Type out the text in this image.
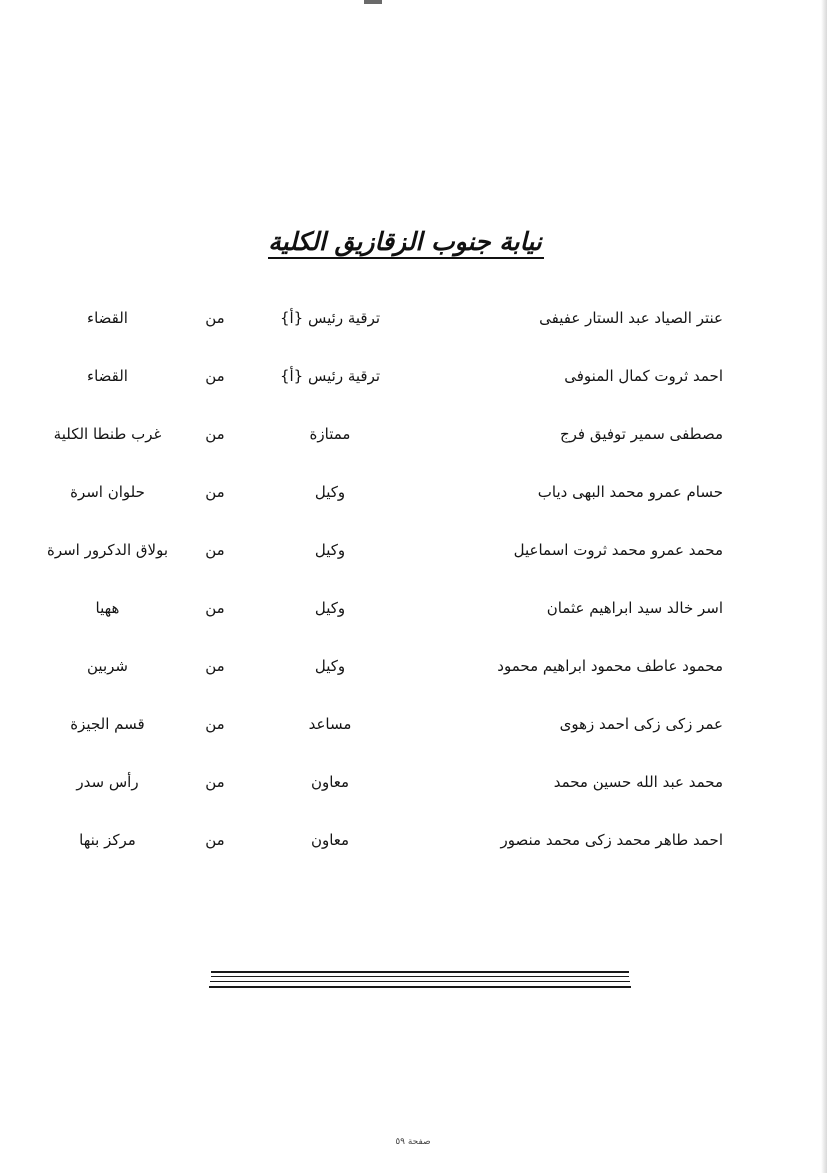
نيابة جنوب الزقازيق الكلية
عنتر الصياد عبد الستار عفيفى
ترقية رئيس {أ}
من
القضاء
احمد ثروت كمال المنوفى
ترقية رئيس {أ}
من
القضاء
مصطفى سمير توفيق فرج
ممتازة
من
غرب طنطا الكلية
حسام عمرو محمد البهى دياب
وكيل
من
حلوان اسرة
محمد عمرو محمد ثروت اسماعيل
وكيل
من
بولاق الدكرور اسرة
اسر خالد سيد ابراهيم عثمان
وكيل
من
ههيا
محمود عاطف محمود ابراهيم محمود
وكيل
من
شربين
عمر زكى زكى احمد زهوى
مساعد
من
قسم الجيزة
محمد عبد الله حسين محمد
معاون
من
رأس سدر
احمد طاهر محمد زكى محمد منصور
معاون
من
مركز بنها
صفحة ٥٩
